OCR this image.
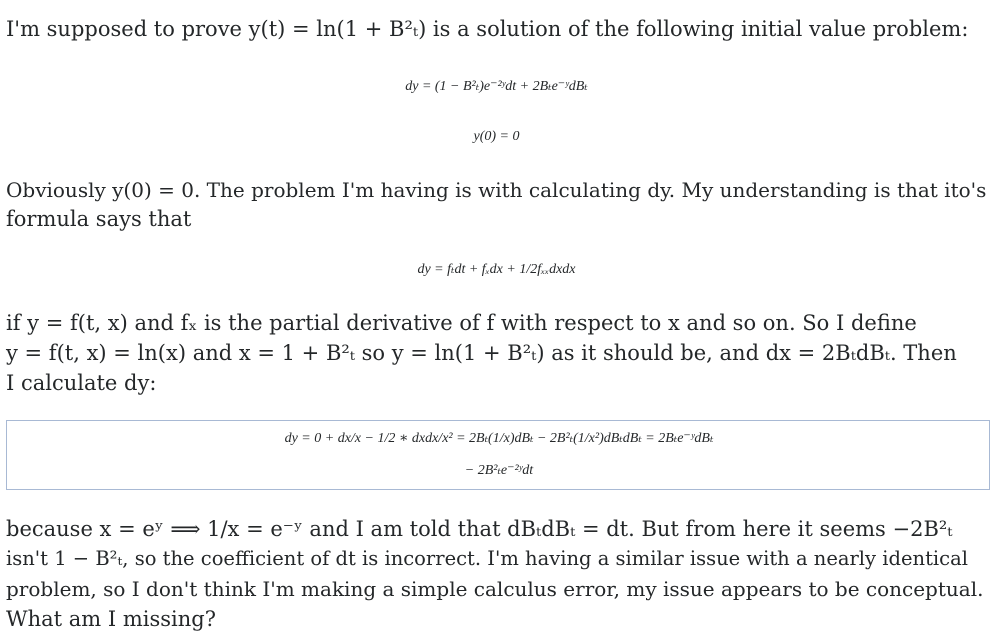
I'm supposed to prove y(t) = ln(1 + B²ₜ) is a solution of the following initial value problem:
dy = (1 − B²ₜ)e⁻²ʸdt + 2Bₜe⁻ʸdBₜ
y(0) = 0
Obviously y(0) = 0. The problem I'm having is with calculating dy. My understanding is that ito's
formula says that
dy = fₜdt + fₓdx + 1/2fₓₓdxdx
if y = f(t, x) and fₓ is the partial derivative of f with respect to x and so on. So I define
y = f(t, x) = ln(x) and x = 1 + B²ₜ so y = ln(1 + B²ₜ) as it should be, and dx = 2BₜdBₜ. Then
I calculate dy:
dy = 0 + dx/x − 1/2 ∗ dxdx/x² = 2Bₜ(1/x)dBₜ − 2B²ₜ(1/x²)dBₜdBₜ = 2Bₜe⁻ʸdBₜ
− 2B²ₜe⁻²ʸdt
because x = eʸ ⟹ 1/x = e⁻ʸ and I am told that dBₜdBₜ = dt. But from here it seems −2B²ₜ
isn't 1 − B²ₜ, so the coefficient of dt is incorrect. I'm having a similar issue with a nearly identical
problem, so I don't think I'm making a simple calculus error, my issue appears to be conceptual.
What am I missing?
